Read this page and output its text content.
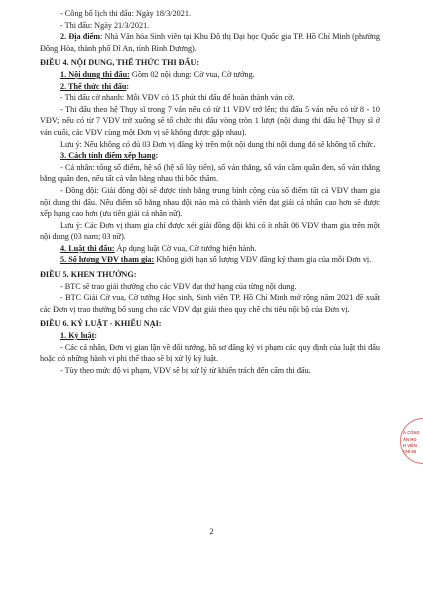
- Công bố lịch thi đấu: Ngày 18/3/2021.

- Thi đấu: Ngày 21/3/2021.

2. Địa điểm: Nhà Văn hóa Sinh viên tại Khu Đô thị Đại học Quốc gia TP. Hồ Chí Minh (phường Đông Hòa, thành phố Dĩ An, tỉnh Bình Dương).

ĐIỀU 4. NỘI DUNG, THỂ THỨC THI ĐẤU:

1. Nội dung thi đấu: Gồm 02 nội dung: Cờ vua, Cờ tướng.

2. Thể thức thi đấu:

- Thi đấu cờ nhanh: Mỗi VĐV có 15 phút thi đấu để hoàn thành ván cờ.

- Thi đấu theo hệ Thụy sĩ trong 7 ván nếu có từ 11 VĐV trở lên; thi đấu 5 ván nếu có từ 8 - 10 VĐV; nếu có từ 7 VĐV trở xuống sẽ tổ chức thi đấu vòng tròn 1 lượt (nội dung thi đấu hệ Thụy sĩ ở ván cuối, các VĐV cùng một Đơn vị sẽ không được gặp nhau).

Lưu ý: Nếu không có đủ 03 Đơn vị đăng ký trên một nội dung thi nội dung đó sẽ không tổ chức.

3. Cách tính điểm xếp hạng:

- Cá nhân: tổng số điểm, hệ số (hệ số lũy tiến), số ván thắng, số ván cầm quân đen, số ván thắng bằng quân đen, nếu tất cả vẫn bằng nhau thì bốc thăm.

- Đồng đội: Giải đồng đội sẽ được tính bằng trung bình cộng của số điểm tất cả VĐV tham gia nội dung thi đấu. Nếu điểm số bằng nhau đội nào mà có thành viên đạt giải cá nhân cao hơn sẽ được xếp hạng cao hơn (ưu tiên giải cá nhân nữ).

Lưu ý: Các Đơn vị tham gia chỉ được xét giải đồng đội khi có ít nhất 06 VĐV tham gia trên một nội dung (03 nam; 03 nữ).

4. Luật thi đấu: Áp dụng luật Cờ vua, Cờ tướng hiện hành.

5. Số lượng VĐV tham gia: Không giới hạn số lượng VĐV đăng ký tham gia của mỗi Đơn vị.

ĐIỀU 5. KHEN THƯỞNG:

- BTC sẽ trao giải thưởng cho các VĐV đạt thứ hạng của từng nội dung.

- BTC Giải Cờ vua, Cờ tướng Học sinh, Sinh viên TP. Hồ Chí Minh mở rộng năm 2021 đề xuất các Đơn vị trao thưởng bổ sung cho các VĐV đạt giải theo quy chế chi tiêu nội bộ của Đơn vị.

ĐIỀU 6. KỶ LUẬT - KHIẾU NẠI:

1. Kỷ luật:

- Các cá nhân, Đơn vị gian lận về đổi tướng, hồ sơ đăng ký vi phạm các quy định của luật thi đấu hoặc có những hành vi phi thể thao sẽ bị xử lý kỷ luật.

- Tùy theo mức độ vi phạm, VĐV sẽ bị xử lý từ khiển trách đến cấm thi đấu.

Ả CÔNG
ÂN HỌ
H VIÊN
CHÍ MI
2
